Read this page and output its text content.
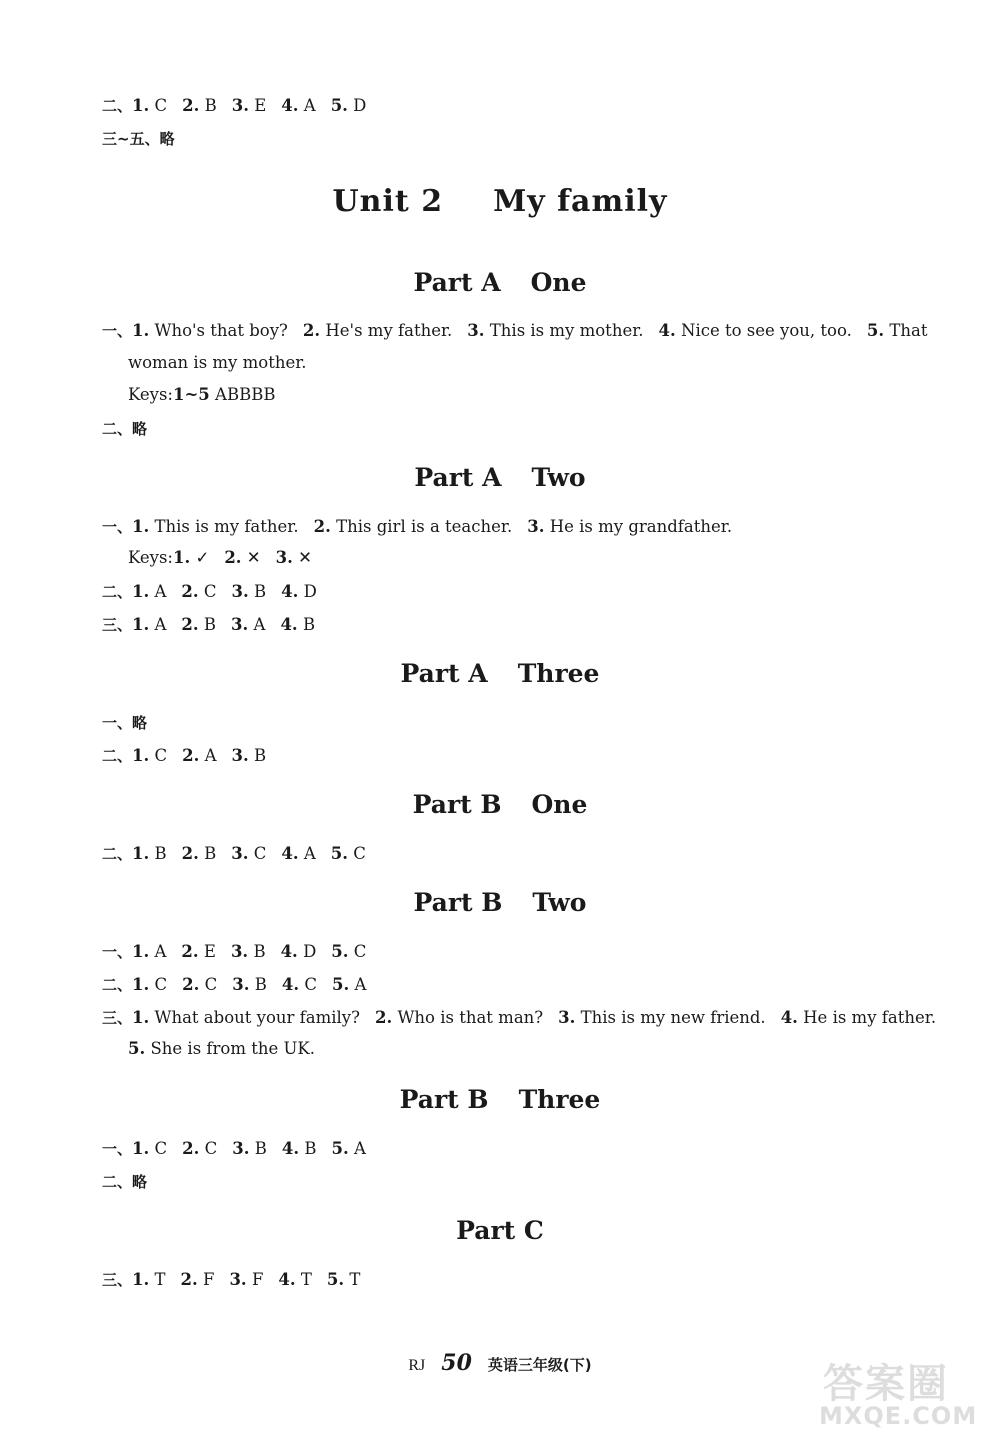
二、1. C 2. B 3. E 4. A 5. D
三~五、略
Unit 2 My family
Part A One
一、1. Who's that boy? 2. He's my father. 3. This is my mother. 4. Nice to see you, too. 5. That
woman is my mother.
Keys:1~5 ABBBB
二、略
Part A Two
一、1. This is my father. 2. This girl is a teacher. 3. He is my grandfather.
Keys:1. ✓ 2. ✕ 3. ✕
二、1. A 2. C 3. B 4. D
三、1. A 2. B 3. A 4. B
Part A Three
一、略
二、1. C 2. A 3. B
Part B One
二、1. B 2. B 3. C 4. A 5. C
Part B Two
一、1. A 2. E 3. B 4. D 5. C
二、1. C 2. C 3. B 4. C 5. A
三、1. What about your family? 2. Who is that man? 3. This is my new friend. 4. He is my father.
5. She is from the UK.
Part B Three
一、1. C 2. C 3. B 4. B 5. A
二、略
Part C
三、1. T 2. F 3. F 4. T 5. T
RJ 50 英语三年级(下)	答案圈
MXQE.COM
